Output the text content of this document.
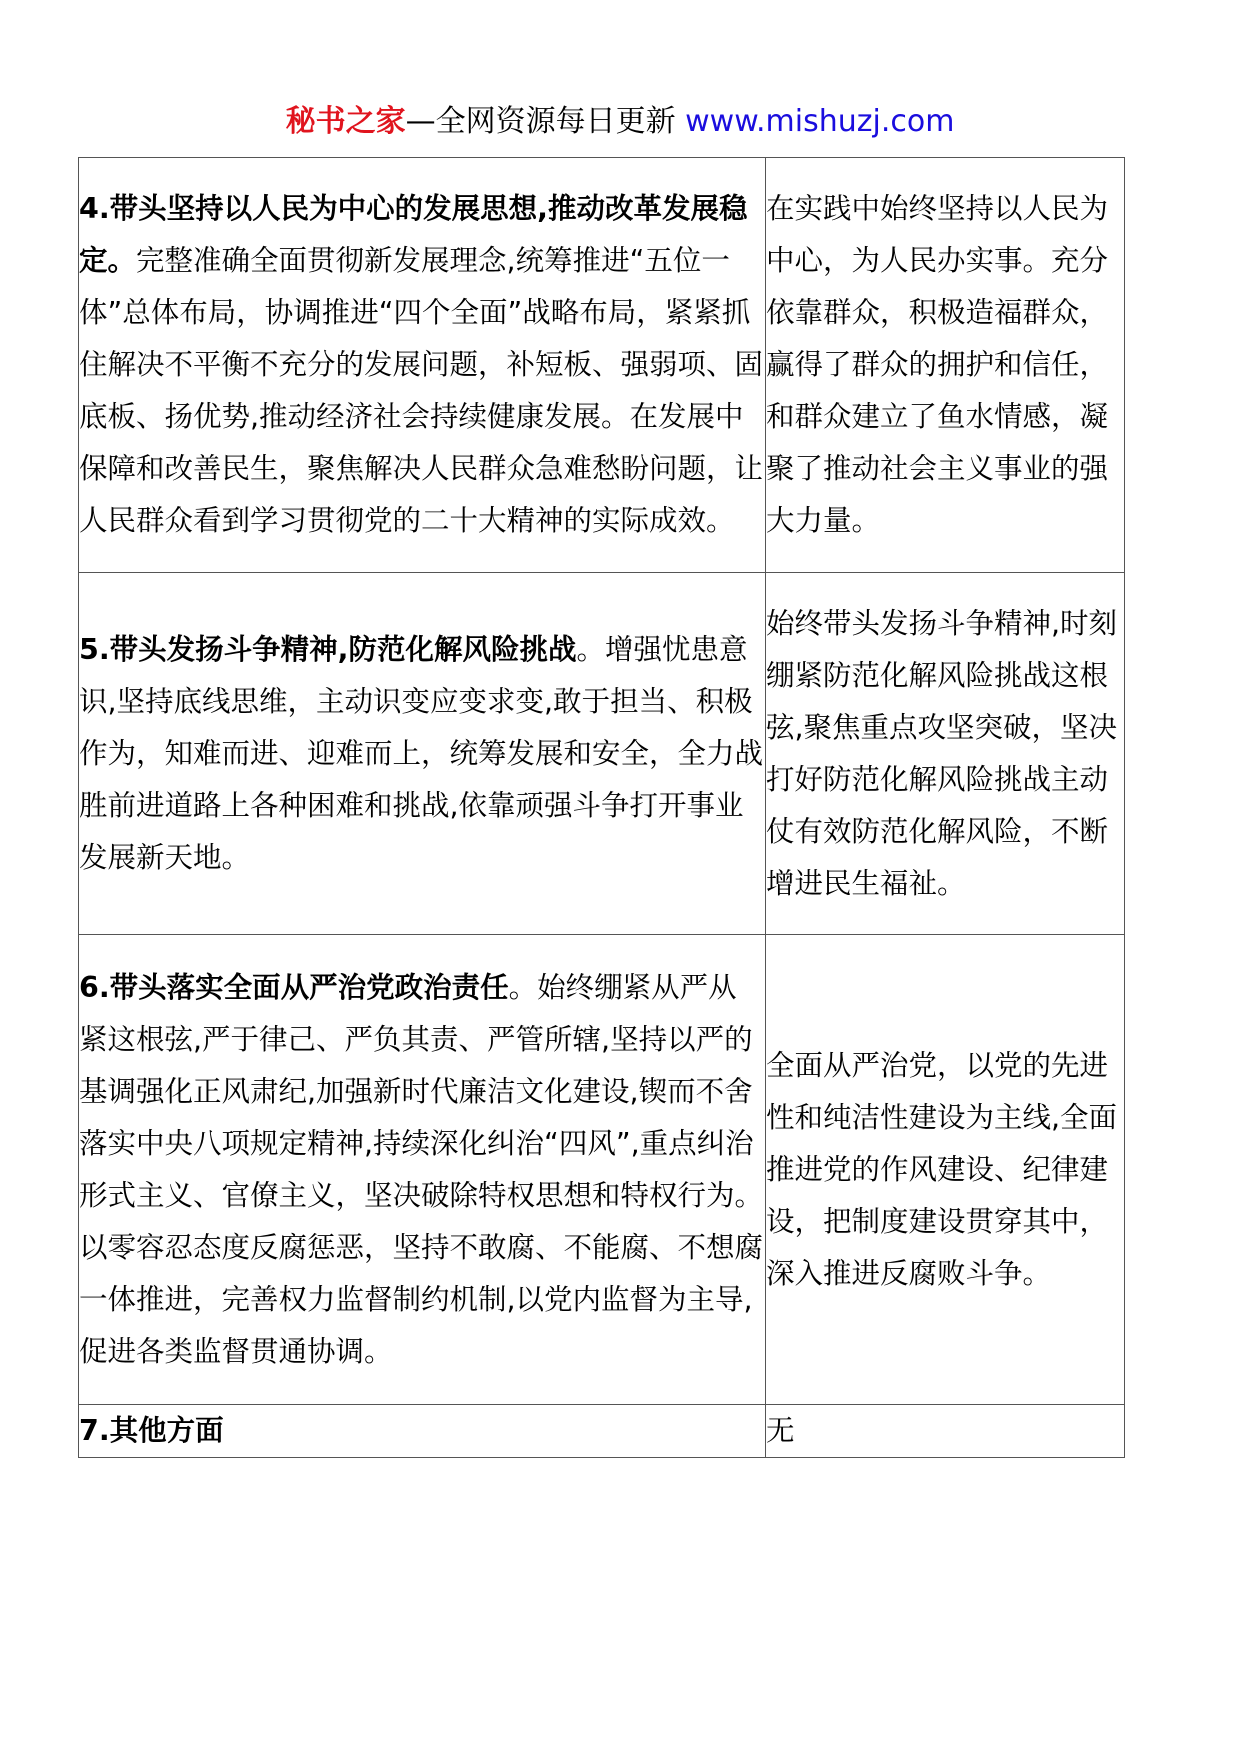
秘书之家—全网资源每日更新 www.mishuzj.com
4.带头坚持以人民为中心的发展思想,推动改革发展稳定。完整准确全面贯彻新发展理念,统筹推进“五位一体”总体布局，协调推进“四个全面”战略布局，紧紧抓住解决不平衡不充分的发展问题，补短板、强弱项、固底板、扬优势,推动经济社会持续健康发展。在发展中保障和改善民生，聚焦解决人民群众急难愁盼问题，让人民群众看到学习贯彻党的二十大精神的实际成效。	在实践中始终坚持以人民为中心，为人民办实事。充分依靠群众，积极造福群众，赢得了群众的拥护和信任，和群众建立了鱼水情感，凝聚了推动社会主义事业的强大力量。
5.带头发扬斗争精神,防范化解风险挑战。增强忧患意识,坚持底线思维，主动识变应变求变,敢于担当、积极作为，知难而进、迎难而上，统筹发展和安全，全力战胜前进道路上各种困难和挑战,依靠顽强斗争打开事业发展新天地。	始终带头发扬斗争精神,时刻绷紧防范化解风险挑战这根弦,聚焦重点攻坚突破，坚决打好防范化解风险挑战主动仗有效防范化解风险，不断增进民生福祉。
6.带头落实全面从严治党政治责任。始终绷紧从严从紧这根弦,严于律己、严负其责、严管所辖,坚持以严的基调强化正风肃纪,加强新时代廉洁文化建设,锲而不舍落实中央八项规定精神,持续深化纠治“四风”,重点纠治形式主义、官僚主义，坚决破除特权思想和特权行为。以零容忍态度反腐惩恶，坚持不敢腐、不能腐、不想腐一体推进，完善权力监督制约机制,以党内监督为主导,促进各类监督贯通协调。	全面从严治党，以党的先进性和纯洁性建设为主线,全面推进党的作风建设、纪律建设，把制度建设贯穿其中，深入推进反腐败斗争。
7.其他方面	无
